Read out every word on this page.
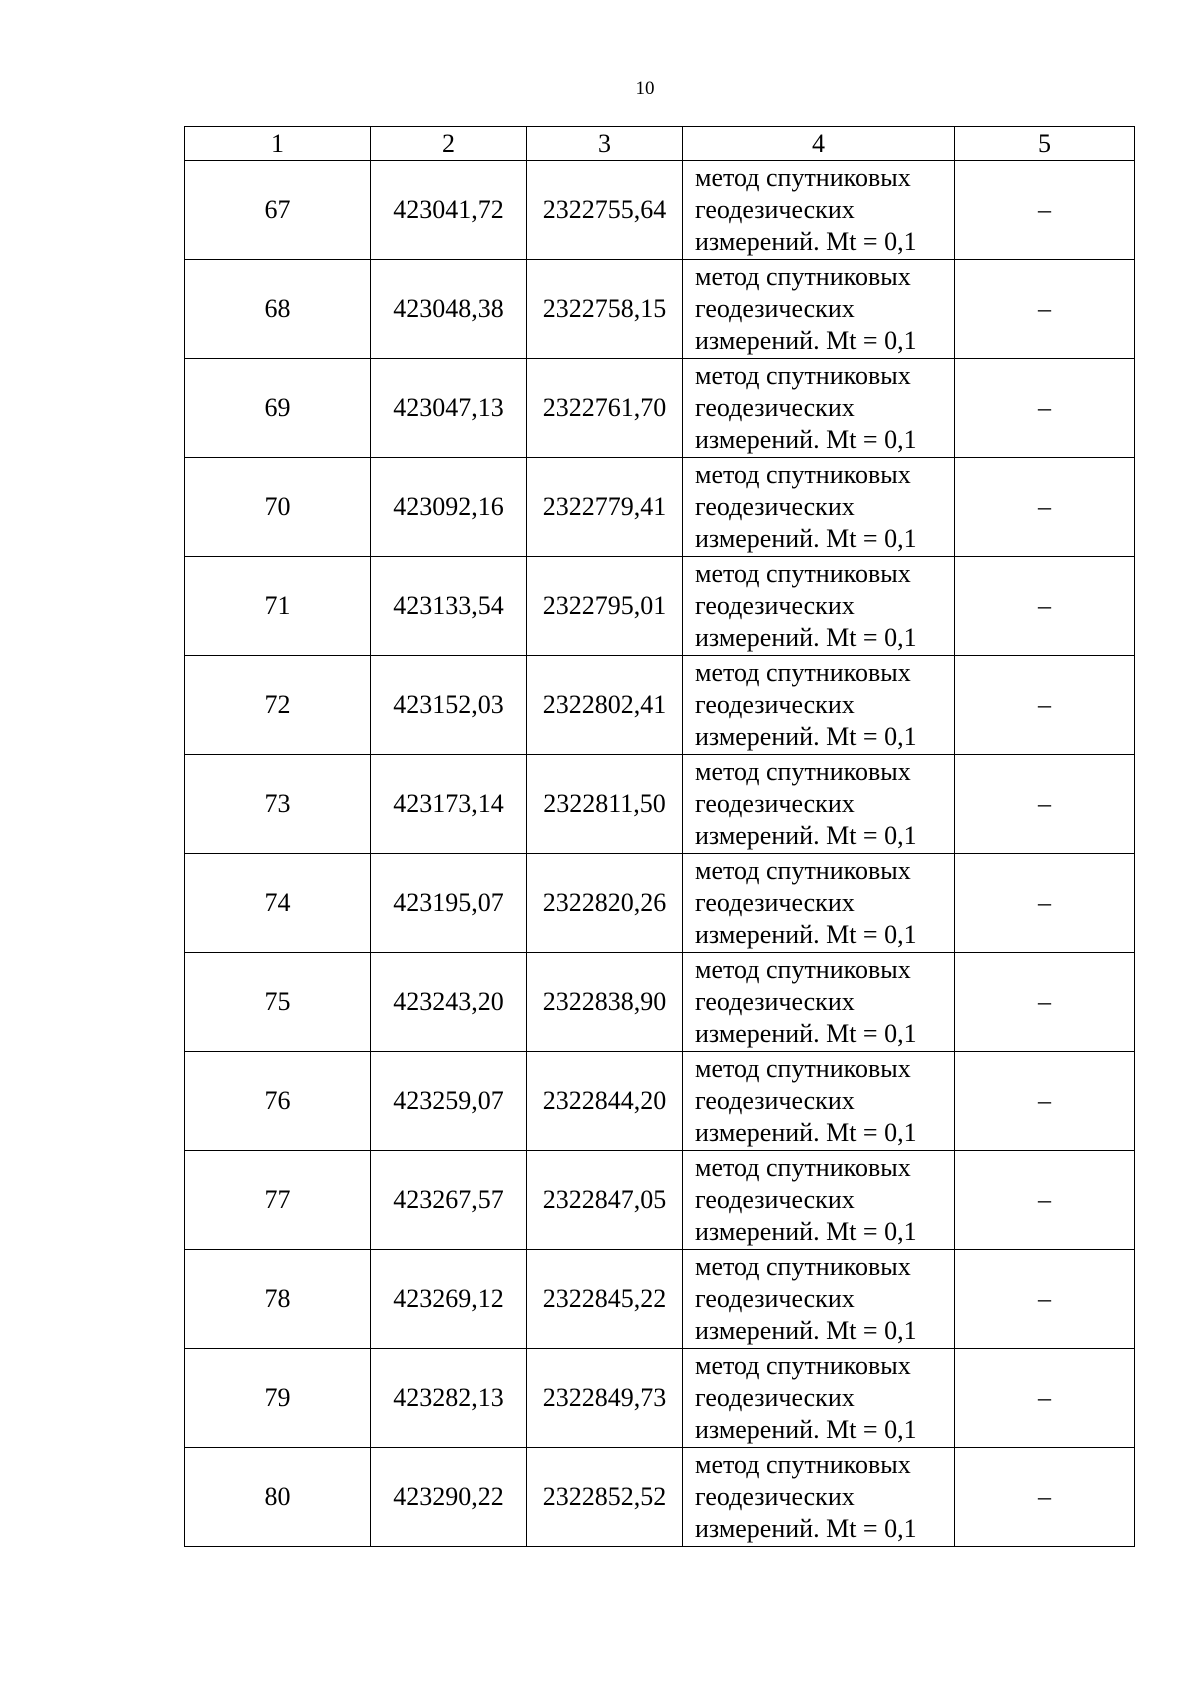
10
1	2	3	4	5
67	423041,72	2322755,64	метод спутниковых
геодезических
измерений. Mt = 0,1	–
68	423048,38	2322758,15	метод спутниковых
геодезических
измерений. Mt = 0,1	–
69	423047,13	2322761,70	метод спутниковых
геодезических
измерений. Mt = 0,1	–
70	423092,16	2322779,41	метод спутниковых
геодезических
измерений. Mt = 0,1	–
71	423133,54	2322795,01	метод спутниковых
геодезических
измерений. Mt = 0,1	–
72	423152,03	2322802,41	метод спутниковых
геодезических
измерений. Mt = 0,1	–
73	423173,14	2322811,50	метод спутниковых
геодезических
измерений. Mt = 0,1	–
74	423195,07	2322820,26	метод спутниковых
геодезических
измерений. Mt = 0,1	–
75	423243,20	2322838,90	метод спутниковых
геодезических
измерений. Mt = 0,1	–
76	423259,07	2322844,20	метод спутниковых
геодезических
измерений. Mt = 0,1	–
77	423267,57	2322847,05	метод спутниковых
геодезических
измерений. Mt = 0,1	–
78	423269,12	2322845,22	метод спутниковых
геодезических
измерений. Mt = 0,1	–
79	423282,13	2322849,73	метод спутниковых
геодезических
измерений. Mt = 0,1	–
80	423290,22	2322852,52	метод спутниковых
геодезических
измерений. Mt = 0,1	–
